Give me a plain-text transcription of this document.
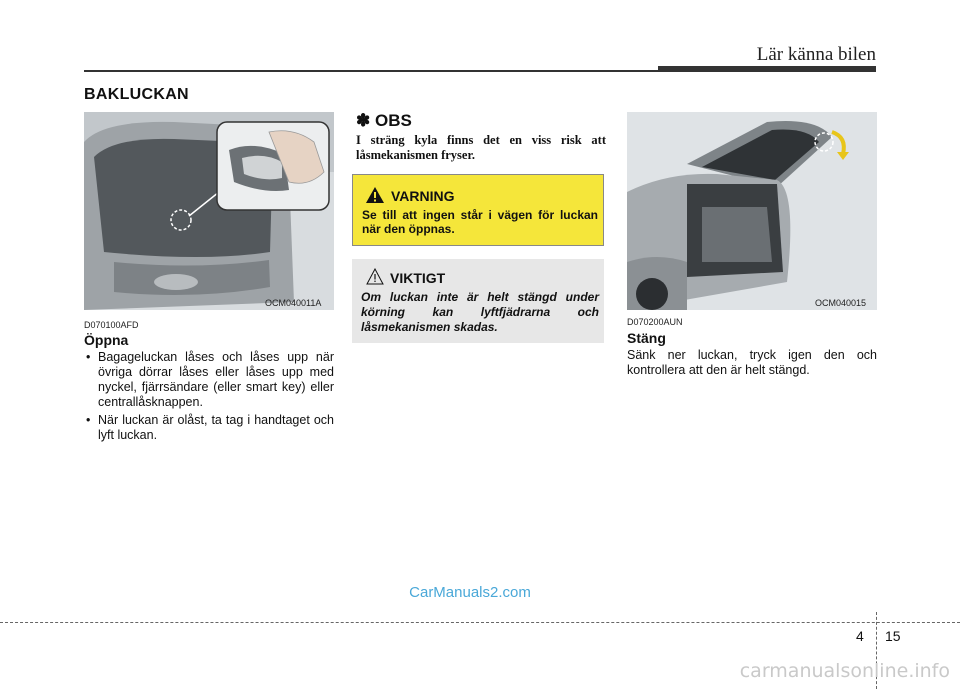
Lär känna bilen
BAKLUCKAN
OCM040011A
D070100AFD
Öppna
• Bagageluckan låses och låses upp när övriga dörrar låses eller låses upp med nyckel, fjärrsändare (eller smart key) eller centrallåsknappen.
• När luckan är olåst, ta tag i handtaget och lyft luckan.
✽ OBS
I sträng kyla finns det en viss risk att låsmekanismen fryser.
VARNING
Se till att ingen står i vägen för luckan när den öppnas.
VIKTIGT
Om luckan inte är helt stängd under körning kan lyftfjädrarna och låsmekanismen skadas.
OCM040015
D070200AUN
Stäng
Sänk ner luckan, tryck igen den och kontrollera att den är helt stängd.
CarManuals2.com
4 15
carmanualsonline.info
